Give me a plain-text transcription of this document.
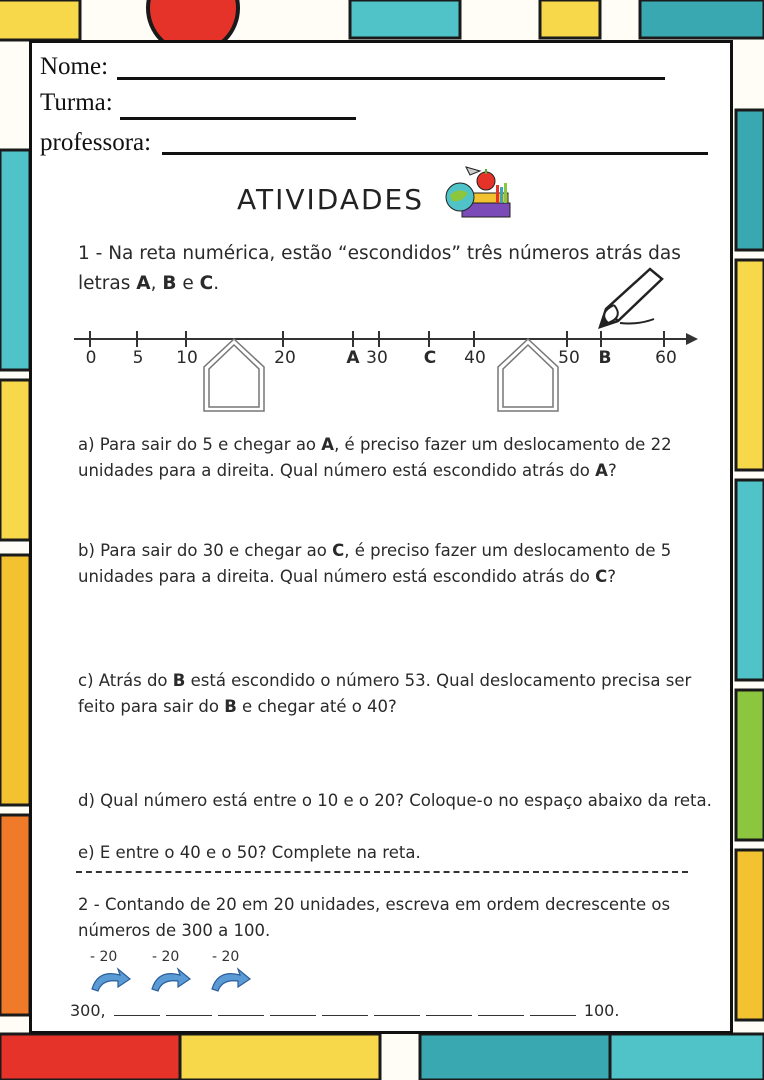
Nome:
Turma:
professora:
ATIVIDADES
1 - Na reta numérica, estão “escondidos” três números atrás das letras A, B e C.
0 5 10	20	A 30 C 40	50 B	60
a) Para sair do 5 e chegar ao A, é preciso fazer um deslocamento de 22 unidades para a direita. Qual número está escondido atrás do A?
b) Para sair do 30 e chegar ao C, é preciso fazer um deslocamento de 5 unidades para a direita. Qual número está escondido atrás do C?
c) Atrás do B está escondido o número 53. Qual deslocamento precisa ser feito para sair do B e chegar até o 40?
d) Qual número está entre o 10 e o 20? Coloque-o no espaço abaixo da reta.
e) E entre o 40 e o 50? Complete na reta.
2 - Contando de 20 em 20 unidades, escreva em ordem decrescente os números de 300 a 100.
- 20 - 20 - 20
300,	100.
